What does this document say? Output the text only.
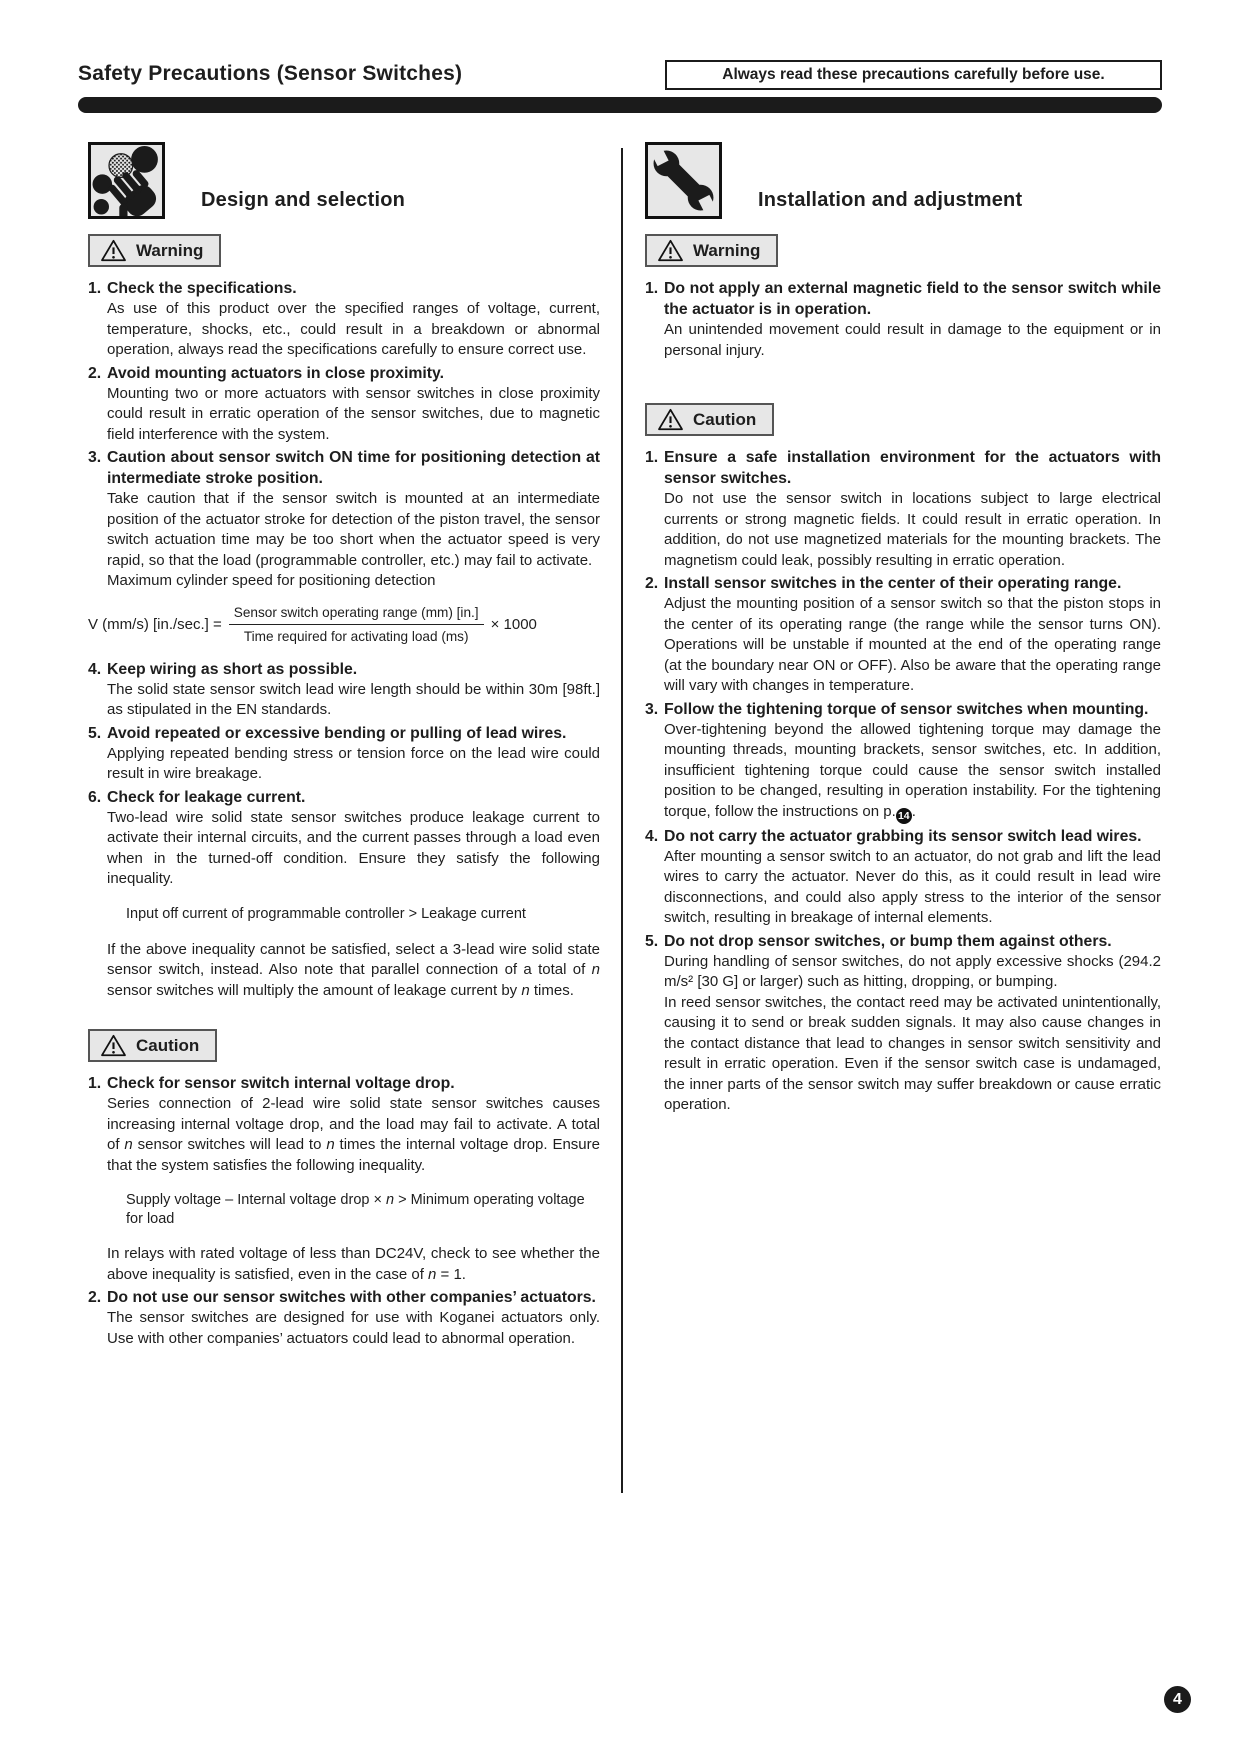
Safety Precautions (Sensor Switches)	Always read these precautions carefully before use.
Design and selection
Warning
1. Check the specifications.
As use of this product over the specified ranges of voltage, current, temperature, shocks, etc., could result in a breakdown or abnormal operation, always read the specifications carefully to ensure correct use.
2. Avoid mounting actuators in close proximity.
Mounting two or more actuators with sensor switches in close proximity could result in erratic operation of the sensor switches, due to magnetic field interference with the system.
3. Caution about sensor switch ON time for positioning detection at intermediate stroke position.
Take caution that if the sensor switch is mounted at an intermediate position of the actuator stroke for detection of the piston travel, the sensor switch actuation time may be too short when the actuator speed is very rapid, so that the load (programmable controller, etc.) may fail to activate.
Maximum cylinder speed for positioning detection
V (mm/s) $[in./\sec.] = \frac{\text{Sensor switch operating range (mm) [in.]}}{\text{Time required for activating load (ms)}} \times 1000$
4. Keep wiring as short as possible.
The solid state sensor switch lead wire length should be within 30m [98ft.] as stipulated in the EN standards.
5. Avoid repeated or excessive bending or pulling of lead wires.
Applying repeated bending stress or tension force on the lead wire could result in wire breakage.
6. Check for leakage current.
Two-lead wire solid state sensor switches produce leakage current to activate their internal circuits, and the current passes through a load even when in the turned-off condition. Ensure they satisfy the following inequality.
Input off current of programmable controller > Leakage current
If the above inequality cannot be satisfied, select a 3-lead wire solid state sensor switch, instead. Also note that parallel connection of a total of n sensor switches will multiply the amount of leakage current by n times.
Caution
1. Check for sensor switch internal voltage drop.
Series connection of 2-lead wire solid state sensor switches causes increasing internal voltage drop, and the load may fail to activate. A total of n sensor switches will lead to n times the internal voltage drop. Ensure that the system satisfies the following inequality.
Supply voltage – Internal voltage drop × n > Minimum operating voltage for load
In relays with rated voltage of less than DC24V, check to see whether the above inequality is satisfied, even in the case of n = 1.
2. Do not use our sensor switches with other companies’ actuators.
The sensor switches are designed for use with Koganei actuators only. Use with other companies’ actuators could lead to abnormal operation.
Installation and adjustment
Warning
1. Do not apply an external magnetic field to the sensor switch while the actuator is in operation.
An unintended movement could result in damage to the equipment or in personal injury.
Caution
1. Ensure a safe installation environment for the actuators with sensor switches.
Do not use the sensor switch in locations subject to large electrical currents or strong magnetic fields. It could result in erratic operation. In addition, do not use magnetized materials for the mounting brackets. The magnetism could leak, possibly resulting in erratic operation.
2. Install sensor switches in the center of their operating range.
Adjust the mounting position of a sensor switch so that the piston stops in the center of its operating range (the range while the sensor turns ON). Operations will be unstable if mounted at the end of the operating range (at the boundary near ON or OFF). Also be aware that the operating range will vary with changes in temperature.
3. Follow the tightening torque of sensor switches when mounting.
Over-tightening beyond the allowed tightening torque may damage the mounting threads, mounting brackets, sensor switches, etc. In addition, insufficient tightening torque could cause the sensor switch installed position to be changed, resulting in operation instability. For the tightening torque, follow the instructions on p. 14 .
4. Do not carry the actuator grabbing its sensor switch lead wires.
After mounting a sensor switch to an actuator, do not grab and lift the lead wires to carry the actuator. Never do this, as it could result in lead wire disconnections, and could also apply stress to the interior of the sensor switch, resulting in breakage of internal elements.
5. Do not drop sensor switches, or bump them against others.
During handling of sensor switches, do not apply excessive shocks (294.2 m/s² [30 G] or larger) such as hitting, dropping, or bumping.
In reed sensor switches, the contact reed may be activated unintentionally, causing it to send or break sudden signals. It may also cause changes in the contact distance that lead to changes in sensor switch sensitivity and result in erratic operation. Even if the sensor switch case is undamaged, the inner parts of the sensor switch may suffer breakdown or cause erratic operation.
4
